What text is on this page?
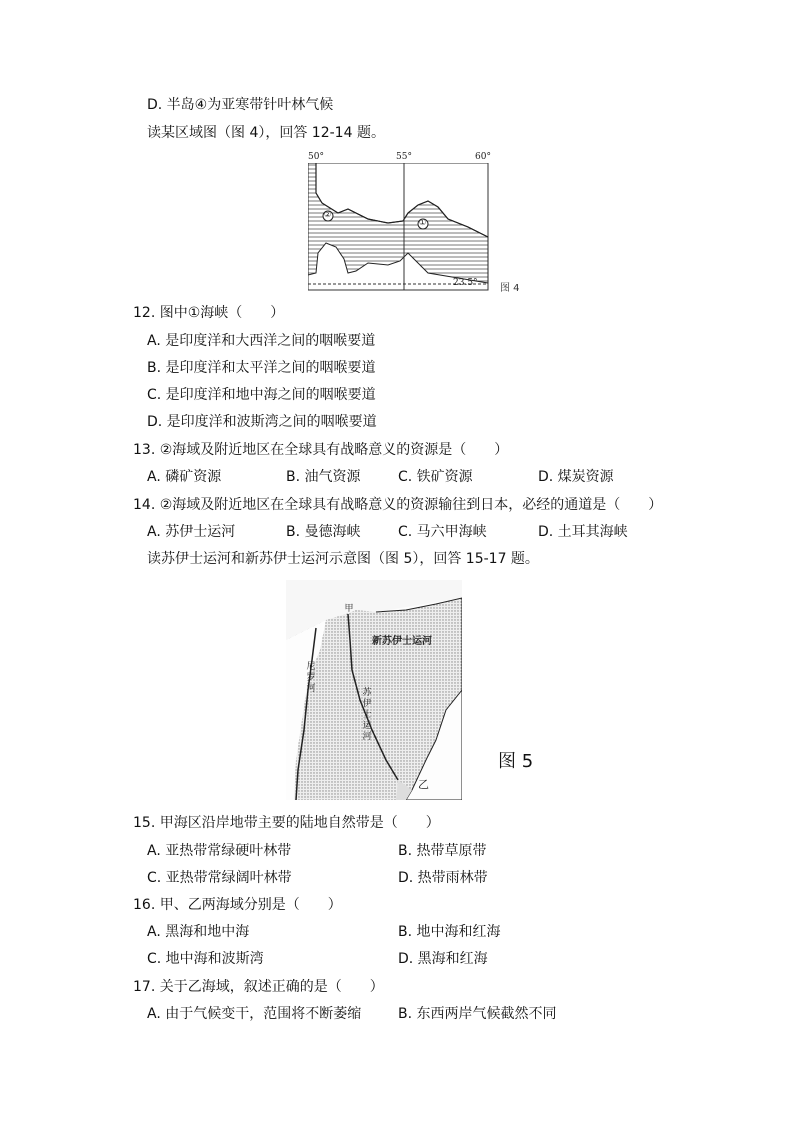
D. 半岛④为亚寒带针叶林气候
读某区域图（图 4），回答 12-14 题。
50°	55°	60°
①
②
23.5° 图 4
12. 图中①海峡（　　）
A. 是印度洋和大西洋之间的咽喉要道
B. 是印度洋和太平洋之间的咽喉要道
C. 是印度洋和地中海之间的咽喉要道
D. 是印度洋和波斯湾之间的咽喉要道
13. ②海域及附近地区在全球具有战略意义的资源是（　　）
A. 磷矿资源	B. 油气资源	C. 铁矿资源	D. 煤炭资源
14. ②海域及附近地区在全球具有战略意义的资源输往到日本，必经的通道是（　　）
A. 苏伊士运河	B. 曼德海峡	C. 马六甲海峡	D. 土耳其海峡
读苏伊士运河和新苏伊士运河示意图（图 5），回答 15-17 题。
甲
新苏伊士运河
尼罗河	苏伊士运河
乙
图 5
15. 甲海区沿岸地带主要的陆地自然带是（　　）
A. 亚热带常绿硬叶林带	B. 热带草原带
C. 亚热带常绿阔叶林带	D. 热带雨林带
16. 甲、乙两海域分别是（　　）
A. 黑海和地中海	B. 地中海和红海
C. 地中海和波斯湾	D. 黑海和红海
17. 关于乙海域，叙述正确的是（　　）
A. 由于气候变干，范围将不断萎缩	B. 东西两岸气候截然不同
